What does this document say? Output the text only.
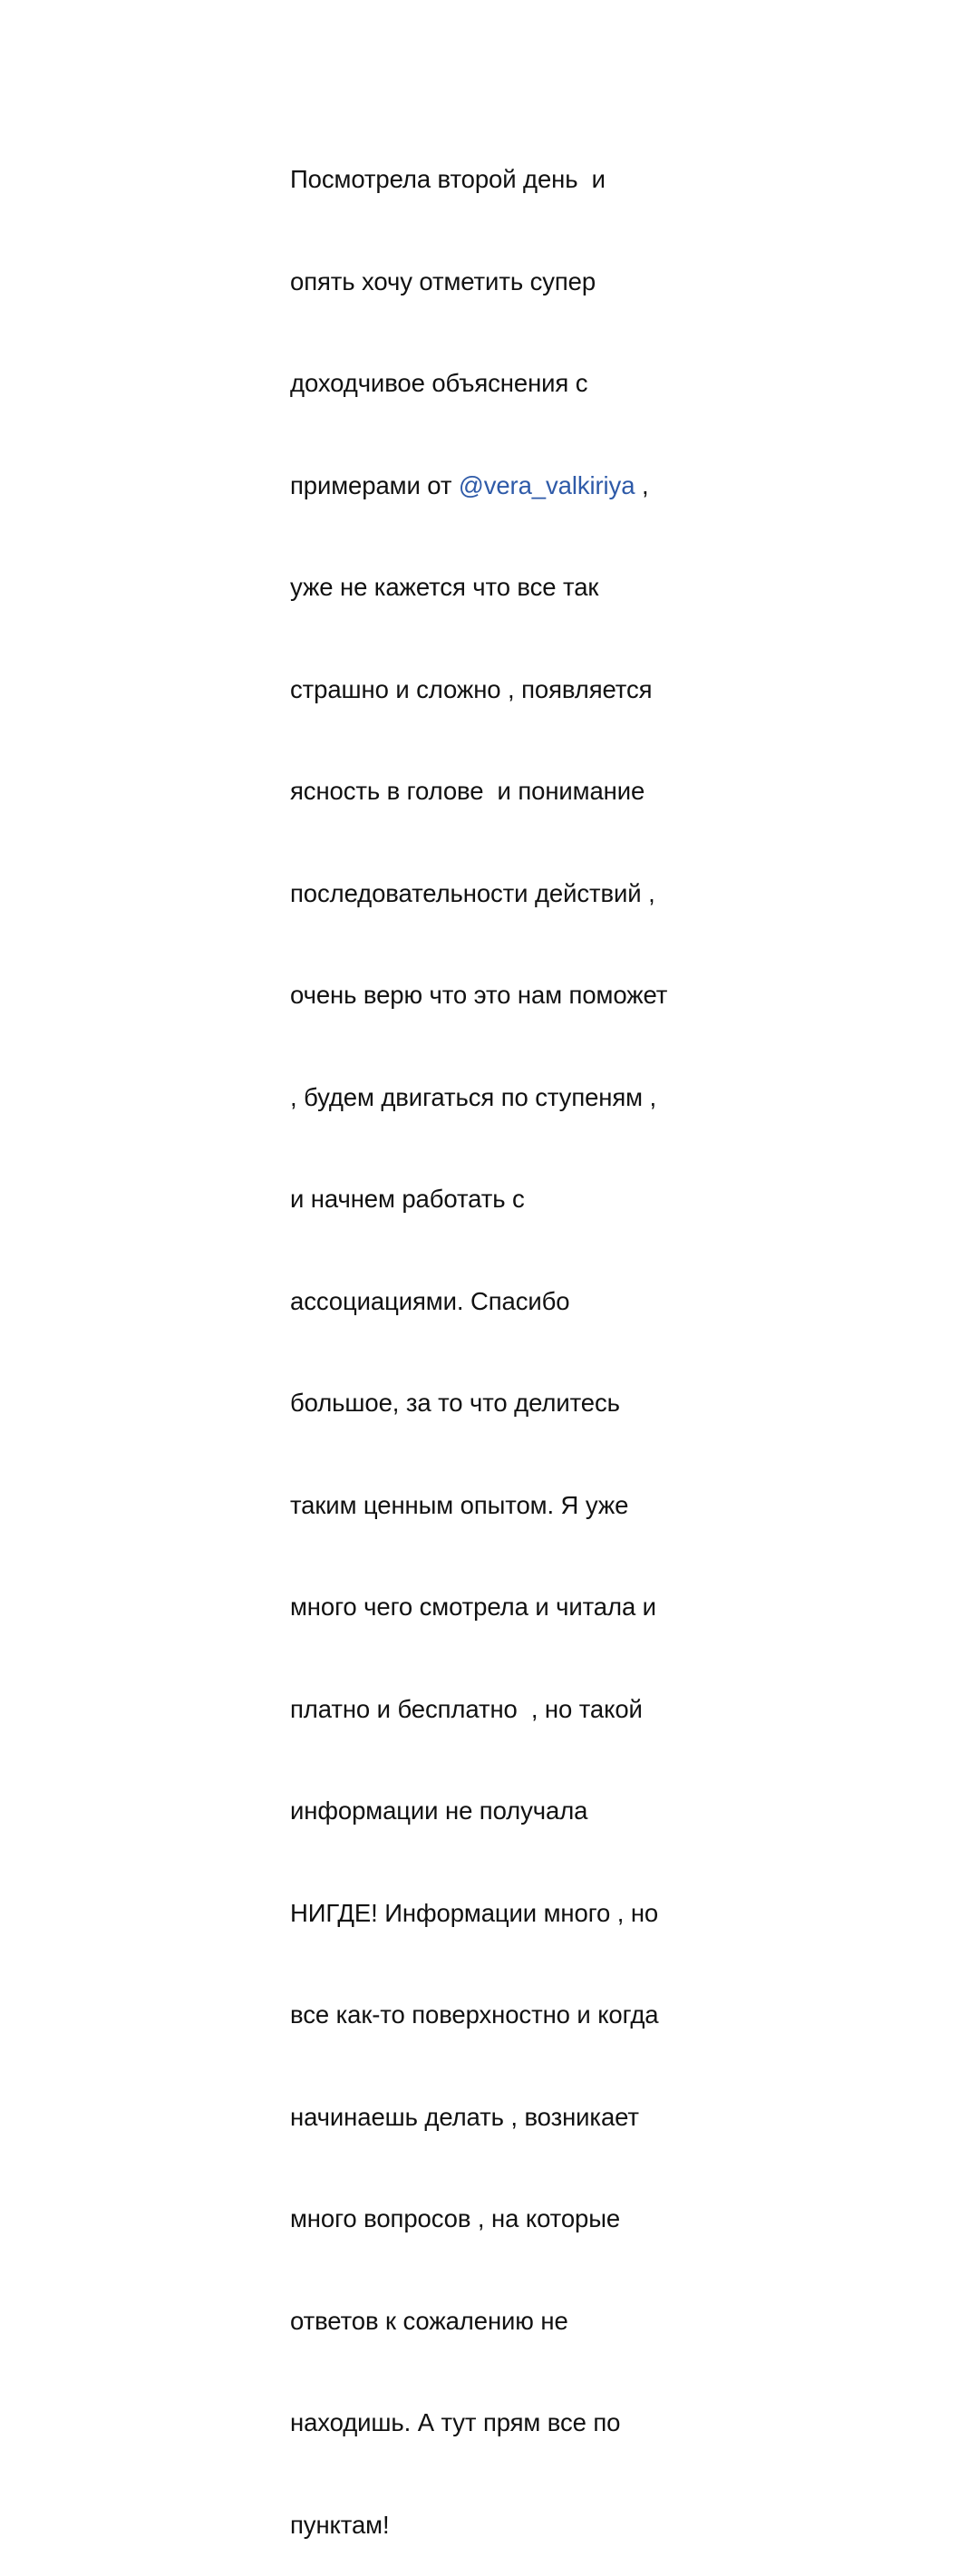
Посмотрела второй день  и

опять хочу отметить супер

доходчивое объяснения с

примерами от @vera_valkiriya ,

уже не кажется что все так

страшно и сложно , появляется

ясность в голове  и понимание

последовательности действий ,

очень верю что это нам поможет

, будем двигаться по ступеням ,

и начнем работать с

ассоциациями. Спасибо

большое, за то что делитесь

таким ценным опытом. Я уже

много чего смотрела и читала и

платно и бесплатно  , но такой

информации не получала

НИГДЕ! Информации много , но

все как-то поверхностно и когда

начинаешь делать , возникает

много вопросов , на которые

ответов к сожалению не

находишь. А тут прям все по

пунктам!
